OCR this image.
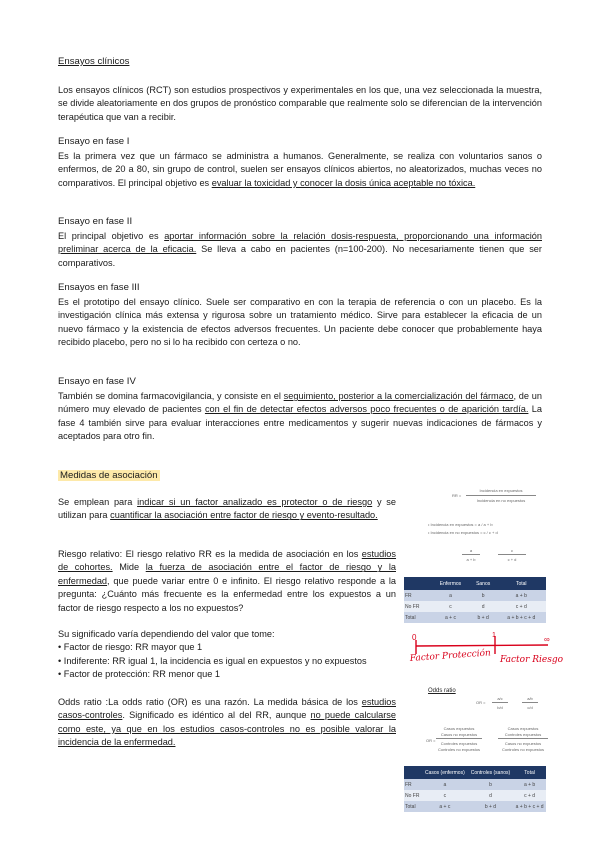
Ensayos clínicos
Los ensayos clínicos (RCT) son estudios prospectivos y experimentales en los que, una vez seleccionada la muestra, se divide aleatoriamente en dos grupos de pronóstico comparable que realmente solo se diferencian de la intervención terapéutica que van a recibir.
Ensayo en fase I
Es la primera vez que un fármaco se administra a humanos. Generalmente, se realiza con voluntarios sanos o enfermos, de 20 a 80, sin grupo de control, suelen ser ensayos clínicos abiertos, no aleatorizados, muchas veces no comparativos. El principal objetivo es evaluar la toxicidad y conocer la dosis única aceptable no tóxica.
Ensayo en fase II
El principal objetivo es aportar información sobre la relación dosis-respuesta, proporcionando una información preliminar acerca de la eficacia. Se lleva a cabo en pacientes (n=100-200). No necesariamente tienen que ser comparativos.
Ensayos en fase III
Es el prototipo del ensayo clínico. Suele ser comparativo en con la terapia de referencia o con un placebo. Es la investigación clínica más extensa y rigurosa sobre un tratamiento médico. Sirve para establecer la eficacia de un nuevo fármaco y la existencia de efectos adversos frecuentes. Un paciente debe conocer que probablemente haya recibido placebo, pero no si lo ha recibido con certeza o no.
Ensayo en fase IV
También se domina farmacovigilancia, y consiste en el seguimiento, posterior a la comercialización del fármaco, de un número muy elevado de pacientes con el fin de detectar efectos adversos poco frecuentes o de aparición tardía. La fase 4 también sirve para evaluar interacciones entre medicamentos y sugerir nuevas indicaciones de fármacos y aceptados para otro fin.
Medidas de asociación
Se emplean para indicar si un factor analizado es protector o de riesgo y se utilizan para cuantificar la asociación entre factor de riesgo y evento-resultado.
Riesgo relativo: El riesgo relativo RR es la medida de asociación en los estudios de cohortes. Mide la fuerza de asociación entre el factor de riesgo y la enfermedad, que puede variar entre 0 e infinito. El riesgo relativo responde a la pregunta: ¿Cuánto más frecuente es la enfermedad entre los expuestos a un factor de riesgo respecto a los no expuestos?
Su significado varía dependiendo del valor que tome:
• Factor de riesgo: RR mayor que 1
• Indiferente: RR igual 1, la incidencia es igual en expuestos y no expuestos
• Factor de protección: RR menor que 1
Odds ratio :La odds ratio (OR) es una razón. La medida básica de los estudios casos-controles. Significado es idéntico al del RR, aunque no puede calcularse como este, ya que en los estudios casos-controles no es posible valorar la incidencia de la enfermedad.
Incidencia en expuestos
RR =
Incidencia en no expuestos
• Incidencia en expuestos = a / a + b
• Incidencia en no expuestos = c / c + d
a
a + b
c
c + d
	Enfermos	Sanos	Total
FR	a	b	a + b
No FR	c	d	c + d
Total	a + c	b + d	a + b + c + d
0	1	∞
Factor Protección Factor Riesgo
Odds ratio
OR =
a/c
b/d
a/b
c/d
OR =
Casos expuestos
Casos no expuestos
Controles expuestos
Controles no expuestos
Casos expuestos
Controles expuestos
Casos no expuestos
Controles no expuestos
	Casos (enfermos)	Controles (sanos)	Total
FR	a	b	a + b
No FR	c	d	c + d
Total	a + c	b + d	a + b + c + d
